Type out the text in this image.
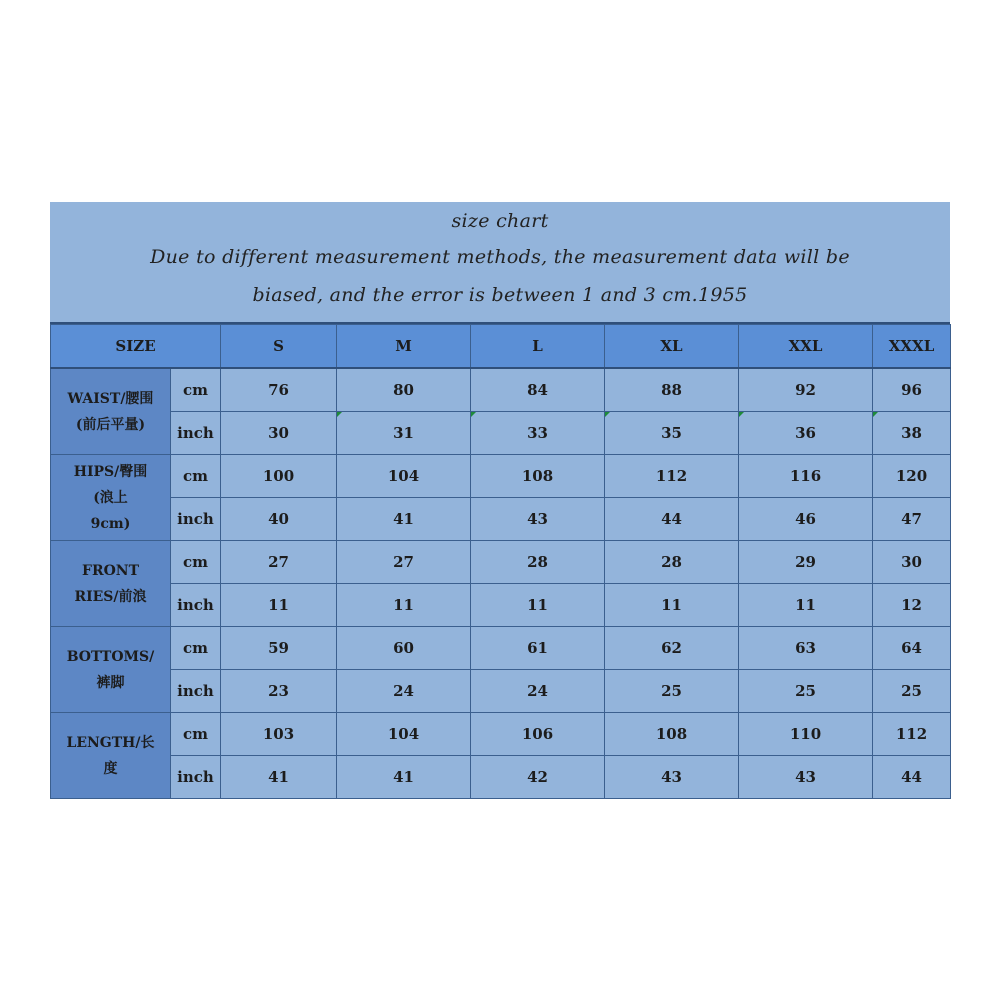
size chart
Due to different measurement methods, the measurement data will be
biased, and the error is between 1 and 3 cm.1955
SIZE		S	M	L	XL	XXL	XXXL

WAIST/腰围
(前后平量)	cm	76	80	84	88	92	96
	inch	30	31	33	35	36	38

HIPS/臀围
(浪上
9cm)	cm	100	104	108	112	116	120
	inch	40	41	43	44	46	47

FRONT
RIES/前浪	cm	27	27	28	28	29	30
	inch	11	11	11	11	11	12

BOTTOMS/
裤脚	cm	59	60	61	62	63	64
	inch	23	24	24	25	25	25

LENGTH/长
度	cm	103	104	106	108	110	112
	inch	41	41	42	43	43	44
